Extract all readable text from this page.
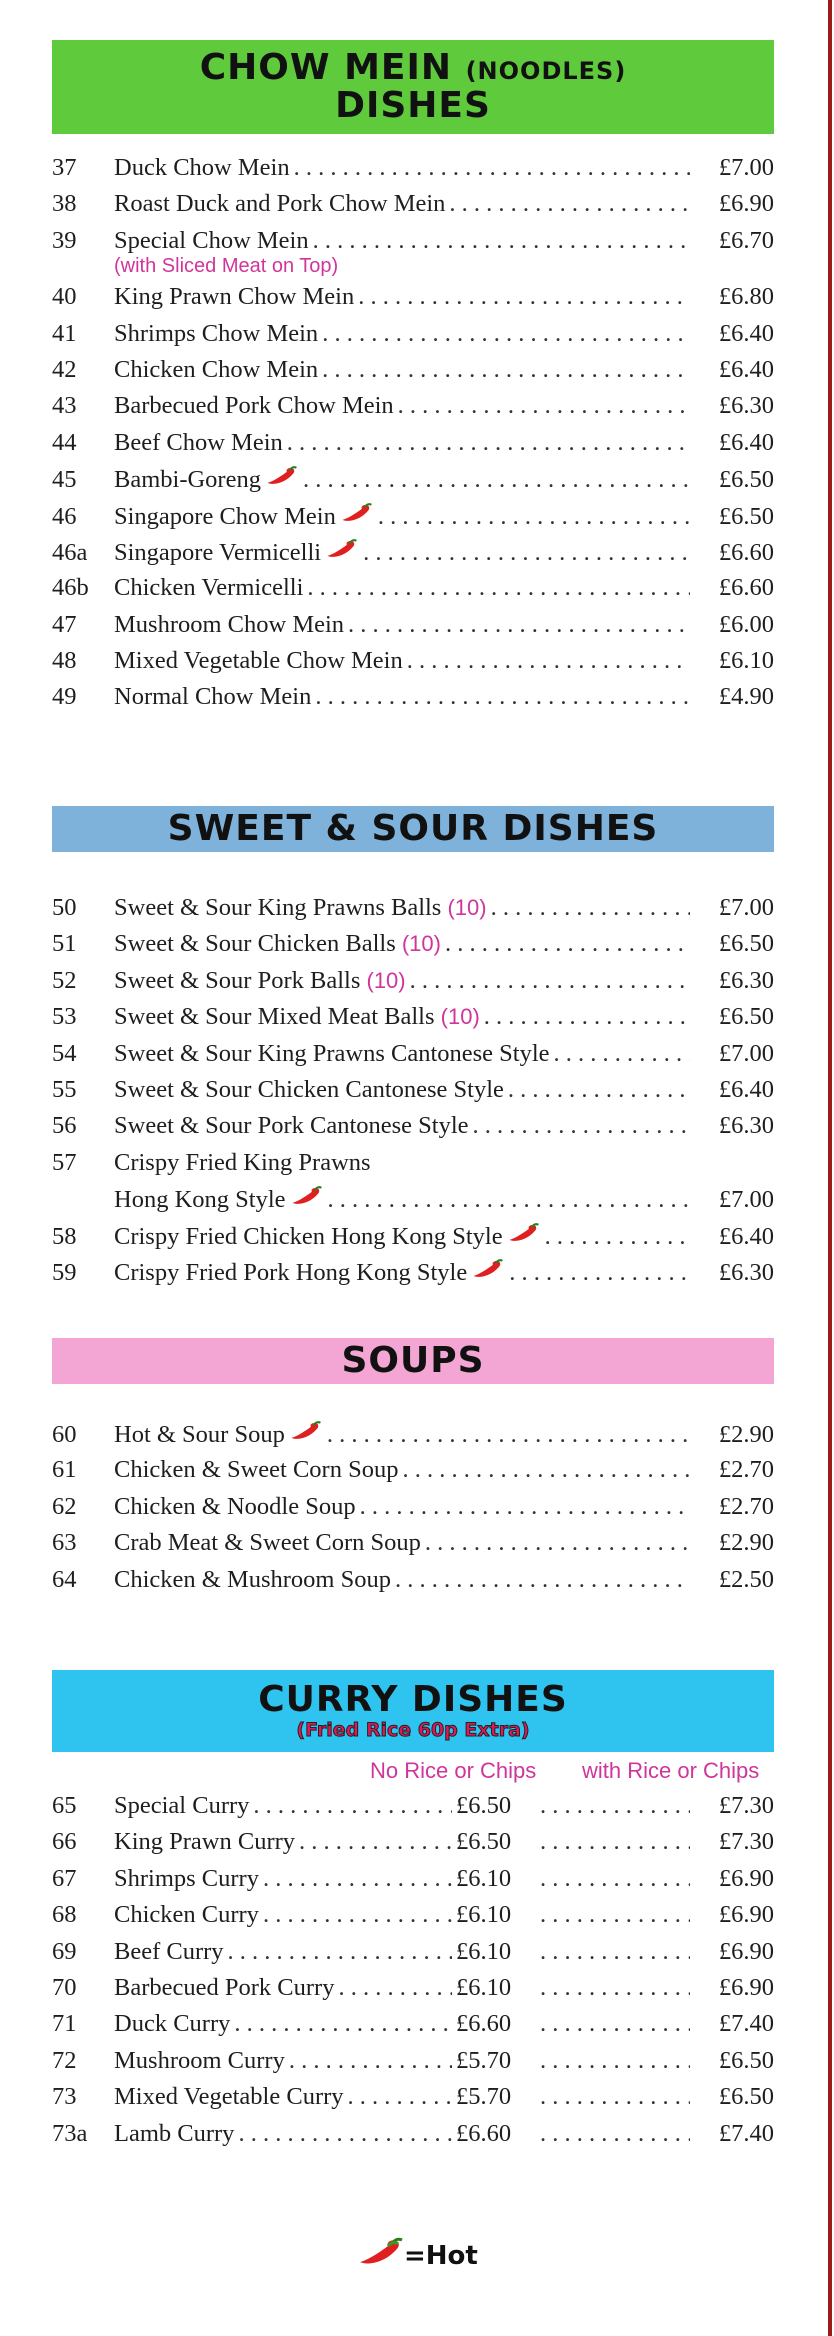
CHOW MEIN (NOODLES)
DISHES
37	Duck Chow Mein . . .	£7.00
38	Roast Duck and Pork Chow Mein . . .	£6.90
39	Special Chow Mein . . .	£6.70
(with Sliced Meat on Top)
40	King Prawn Chow Mein . . .	£6.80
41	Shrimps Chow Mein . . .	£6.40
42	Chicken Chow Mein . . .	£6.40
43	Barbecued Pork Chow Mein . . .	£6.30
44	Beef Chow Mein . . .	£6.40
45	Bambi-Goreng . . .	£6.50
46	Singapore Chow Mein . . .	£6.50
46a	Singapore Vermicelli . . .	£6.60
46b	Chicken Vermicelli . . .	£6.60
47	Mushroom Chow Mein . . .	£6.00
48	Mixed Vegetable Chow Mein . . .	£6.10
49	Normal Chow Mein . . .	£4.90
SWEET & SOUR DISHES
50	Sweet & Sour King Prawns Balls (10) . . .	£7.00
51	Sweet & Sour Chicken Balls (10) . . .	£6.50
52	Sweet & Sour Pork Balls (10) . . .	£6.30
53	Sweet & Sour Mixed Meat Balls (10) . . .	£6.50
54	Sweet & Sour King Prawns Cantonese Style . . .	£7.00
55	Sweet & Sour Chicken Cantonese Style . . .	£6.40
56	Sweet & Sour Pork Cantonese Style . . .	£6.30
57	Crispy Fried King Prawns
Hong Kong Style . . .	£7.00
58	Crispy Fried Chicken Hong Kong Style . . .	£6.40
59	Crispy Fried Pork Hong Kong Style . . .	£6.30
SOUPS
60	Hot & Sour Soup . . .	£2.90
61	Chicken & Sweet Corn Soup . . .	£2.70
62	Chicken & Noodle Soup . . .	£2.70
63	Crab Meat & Sweet Corn Soup . . .	£2.90
64	Chicken & Mushroom Soup . . .	£2.50
CURRY DISHES
(Fried Rice 60p Extra)
No Rice or Chips with Rice or Chips
65	Special Curry . . .	£6.50 . . .	£7.30
66	King Prawn Curry . . .	£6.50 . . .	£7.30
67	Shrimps Curry . . .	£6.10 . . .	£6.90
68	Chicken Curry . . .	£6.10 . . .	£6.90
69	Beef Curry . . .	£6.10 . . .	£6.90
70	Barbecued Pork Curry . . .	£6.10 . . .	£6.90
71	Duck Curry . . .	£6.60 . . .	£7.40
72	Mushroom Curry . . .	£5.70 . . .	£6.50
73	Mixed Vegetable Curry . . .	£5.70 . . .	£6.50
73a	Lamb Curry . . .	£6.60 . . .	£7.40
=Hot
